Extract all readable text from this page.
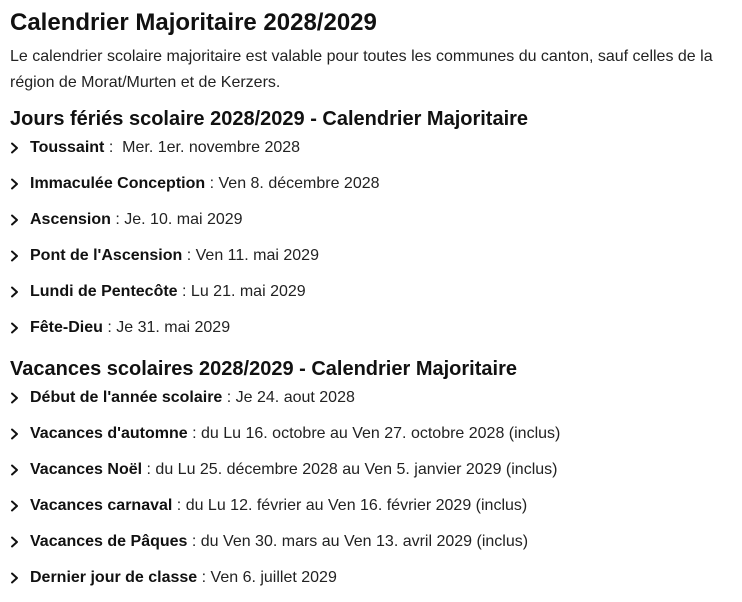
Calendrier Majoritaire 2028/2029

Le calendrier scolaire majoritaire est valable pour toutes les communes du canton, sauf celles de la région de Morat/Murten et de Kerzers.

Jours fériés scolaire 2028/2029 - Calendrier Majoritaire
Toussaint :  Mer. 1er. novembre 2028
Immaculée Conception : Ven 8. décembre 2028
Ascension : Je. 10. mai 2029
Pont de l'Ascension : Ven 11. mai 2029
Lundi de Pentecôte : Lu 21. mai 2029
Fête-Dieu : Je 31. mai 2029
Vacances scolaires 2028/2029 - Calendrier Majoritaire
Début de l'année scolaire : Je 24. aout 2028
Vacances d'automne : du Lu 16. octobre au Ven 27. octobre 2028 (inclus)
Vacances Noël : du Lu 25. décembre 2028 au Ven 5. janvier 2029 (inclus)
Vacances carnaval : du Lu 12. février au Ven 16. février 2029 (inclus)
Vacances de Pâques : du Ven 30. mars au Ven 13. avril 2029 (inclus)
Dernier jour de classe : Ven 6. juillet 2029
